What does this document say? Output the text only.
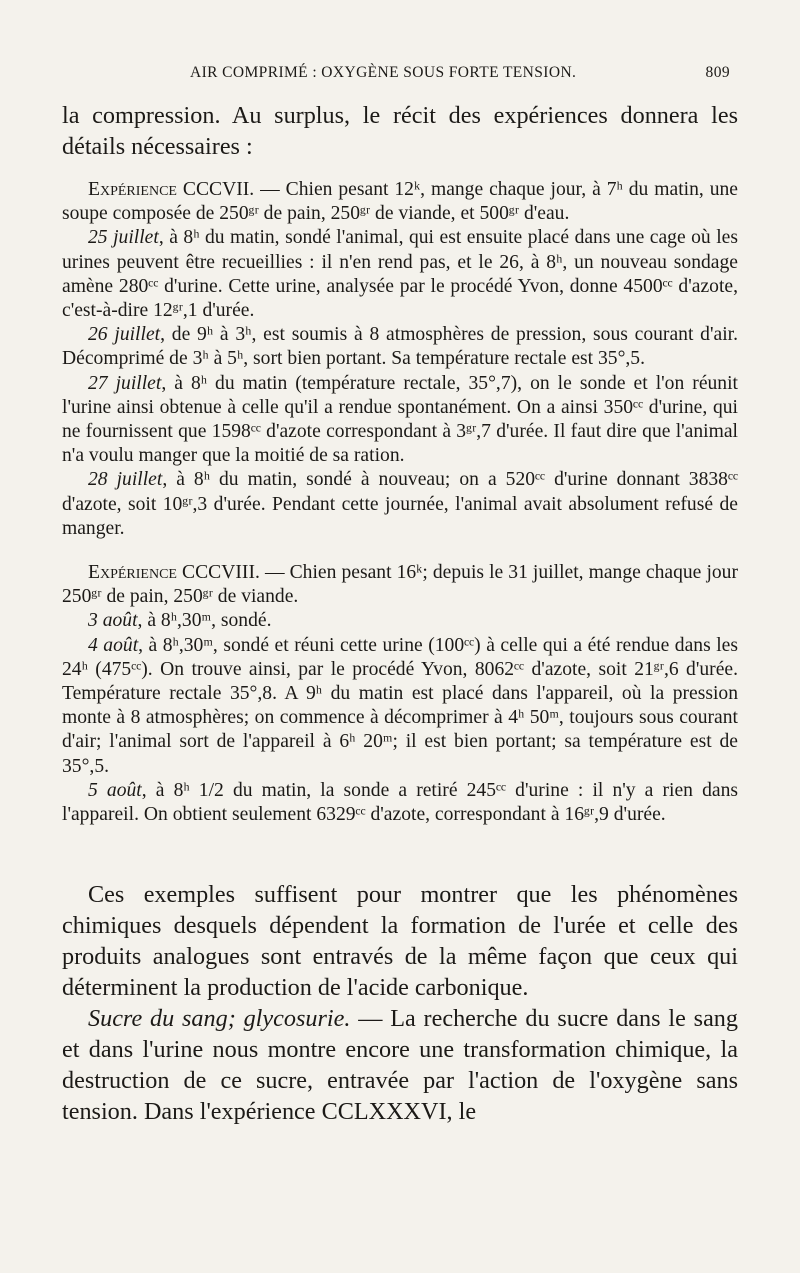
AIR COMPRIMÉ : OXYGÈNE SOUS FORTE TENSION.	809

la compression. Au surplus, le récit des expériences donnera les détails nécessaires :

Expérience CCCVII. — Chien pesant 12ᵏ, mange chaque jour, à 7ʰ du matin, une soupe composée de 250ᵍʳ de pain, 250ᵍʳ de viande, et 500ᵍʳ d'eau.

25 juillet, à 8ʰ du matin, sondé l'animal, qui est ensuite placé dans une cage où les urines peuvent être recueillies : il n'en rend pas, et le 26, à 8ʰ, un nouveau sondage amène 280ᶜᶜ d'urine. Cette urine, analysée par le procédé Yvon, donne 4500ᶜᶜ d'azote, c'est-à-dire 12ᵍʳ,1 d'urée.

26 juillet, de 9ʰ à 3ʰ, est soumis à 8 atmosphères de pression, sous courant d'air. Décomprimé de 3ʰ à 5ʰ, sort bien portant. Sa température rectale est 35°,5.

27 juillet, à 8ʰ du matin (température rectale, 35°,7), on le sonde et l'on réunit l'urine ainsi obtenue à celle qu'il a rendue spontanément. On a ainsi 350ᶜᶜ d'urine, qui ne fournissent que 1598ᶜᶜ d'azote correspondant à 3ᵍʳ,7 d'urée. Il faut dire que l'animal n'a voulu manger que la moitié de sa ration.

28 juillet, à 8ʰ du matin, sondé à nouveau; on a 520ᶜᶜ d'urine donnant 3838ᶜᶜ d'azote, soit 10ᵍʳ,3 d'urée. Pendant cette journée, l'animal avait absolument refusé de manger.

Expérience CCCVIII. — Chien pesant 16ᵏ; depuis le 31 juillet, mange chaque jour 250ᵍʳ de pain, 250ᵍʳ de viande.

3 août, à 8ʰ,30ᵐ, sondé.

4 août, à 8ʰ,30ᵐ, sondé et réuni cette urine (100ᶜᶜ) à celle qui a été rendue dans les 24ʰ (475ᶜᶜ). On trouve ainsi, par le procédé Yvon, 8062ᶜᶜ d'azote, soit 21ᵍʳ,6 d'urée. Température rectale 35°,8. A 9ʰ du matin est placé dans l'appareil, où la pression monte à 8 atmosphères; on commence à décomprimer à 4ʰ 50ᵐ, toujours sous courant d'air; l'animal sort de l'appareil à 6ʰ 20ᵐ; il est bien portant; sa température est de 35°,5.

5 août, à 8ʰ 1/2 du matin, la sonde a retiré 245ᶜᶜ d'urine : il n'y a rien dans l'appareil. On obtient seulement 6329ᶜᶜ d'azote, correspondant à 16ᵍʳ,9 d'urée.

Ces exemples suffisent pour montrer que les phénomènes chimiques desquels dépendent la formation de l'urée et celle des produits analogues sont entravés de la même façon que ceux qui déterminent la production de l'acide carbonique.

Sucre du sang; glycosurie. — La recherche du sucre dans le sang et dans l'urine nous montre encore une transformation chimique, la destruction de ce sucre, entravée par l'action de l'oxygène sans tension. Dans l'expérience CCLXXXVI, le
